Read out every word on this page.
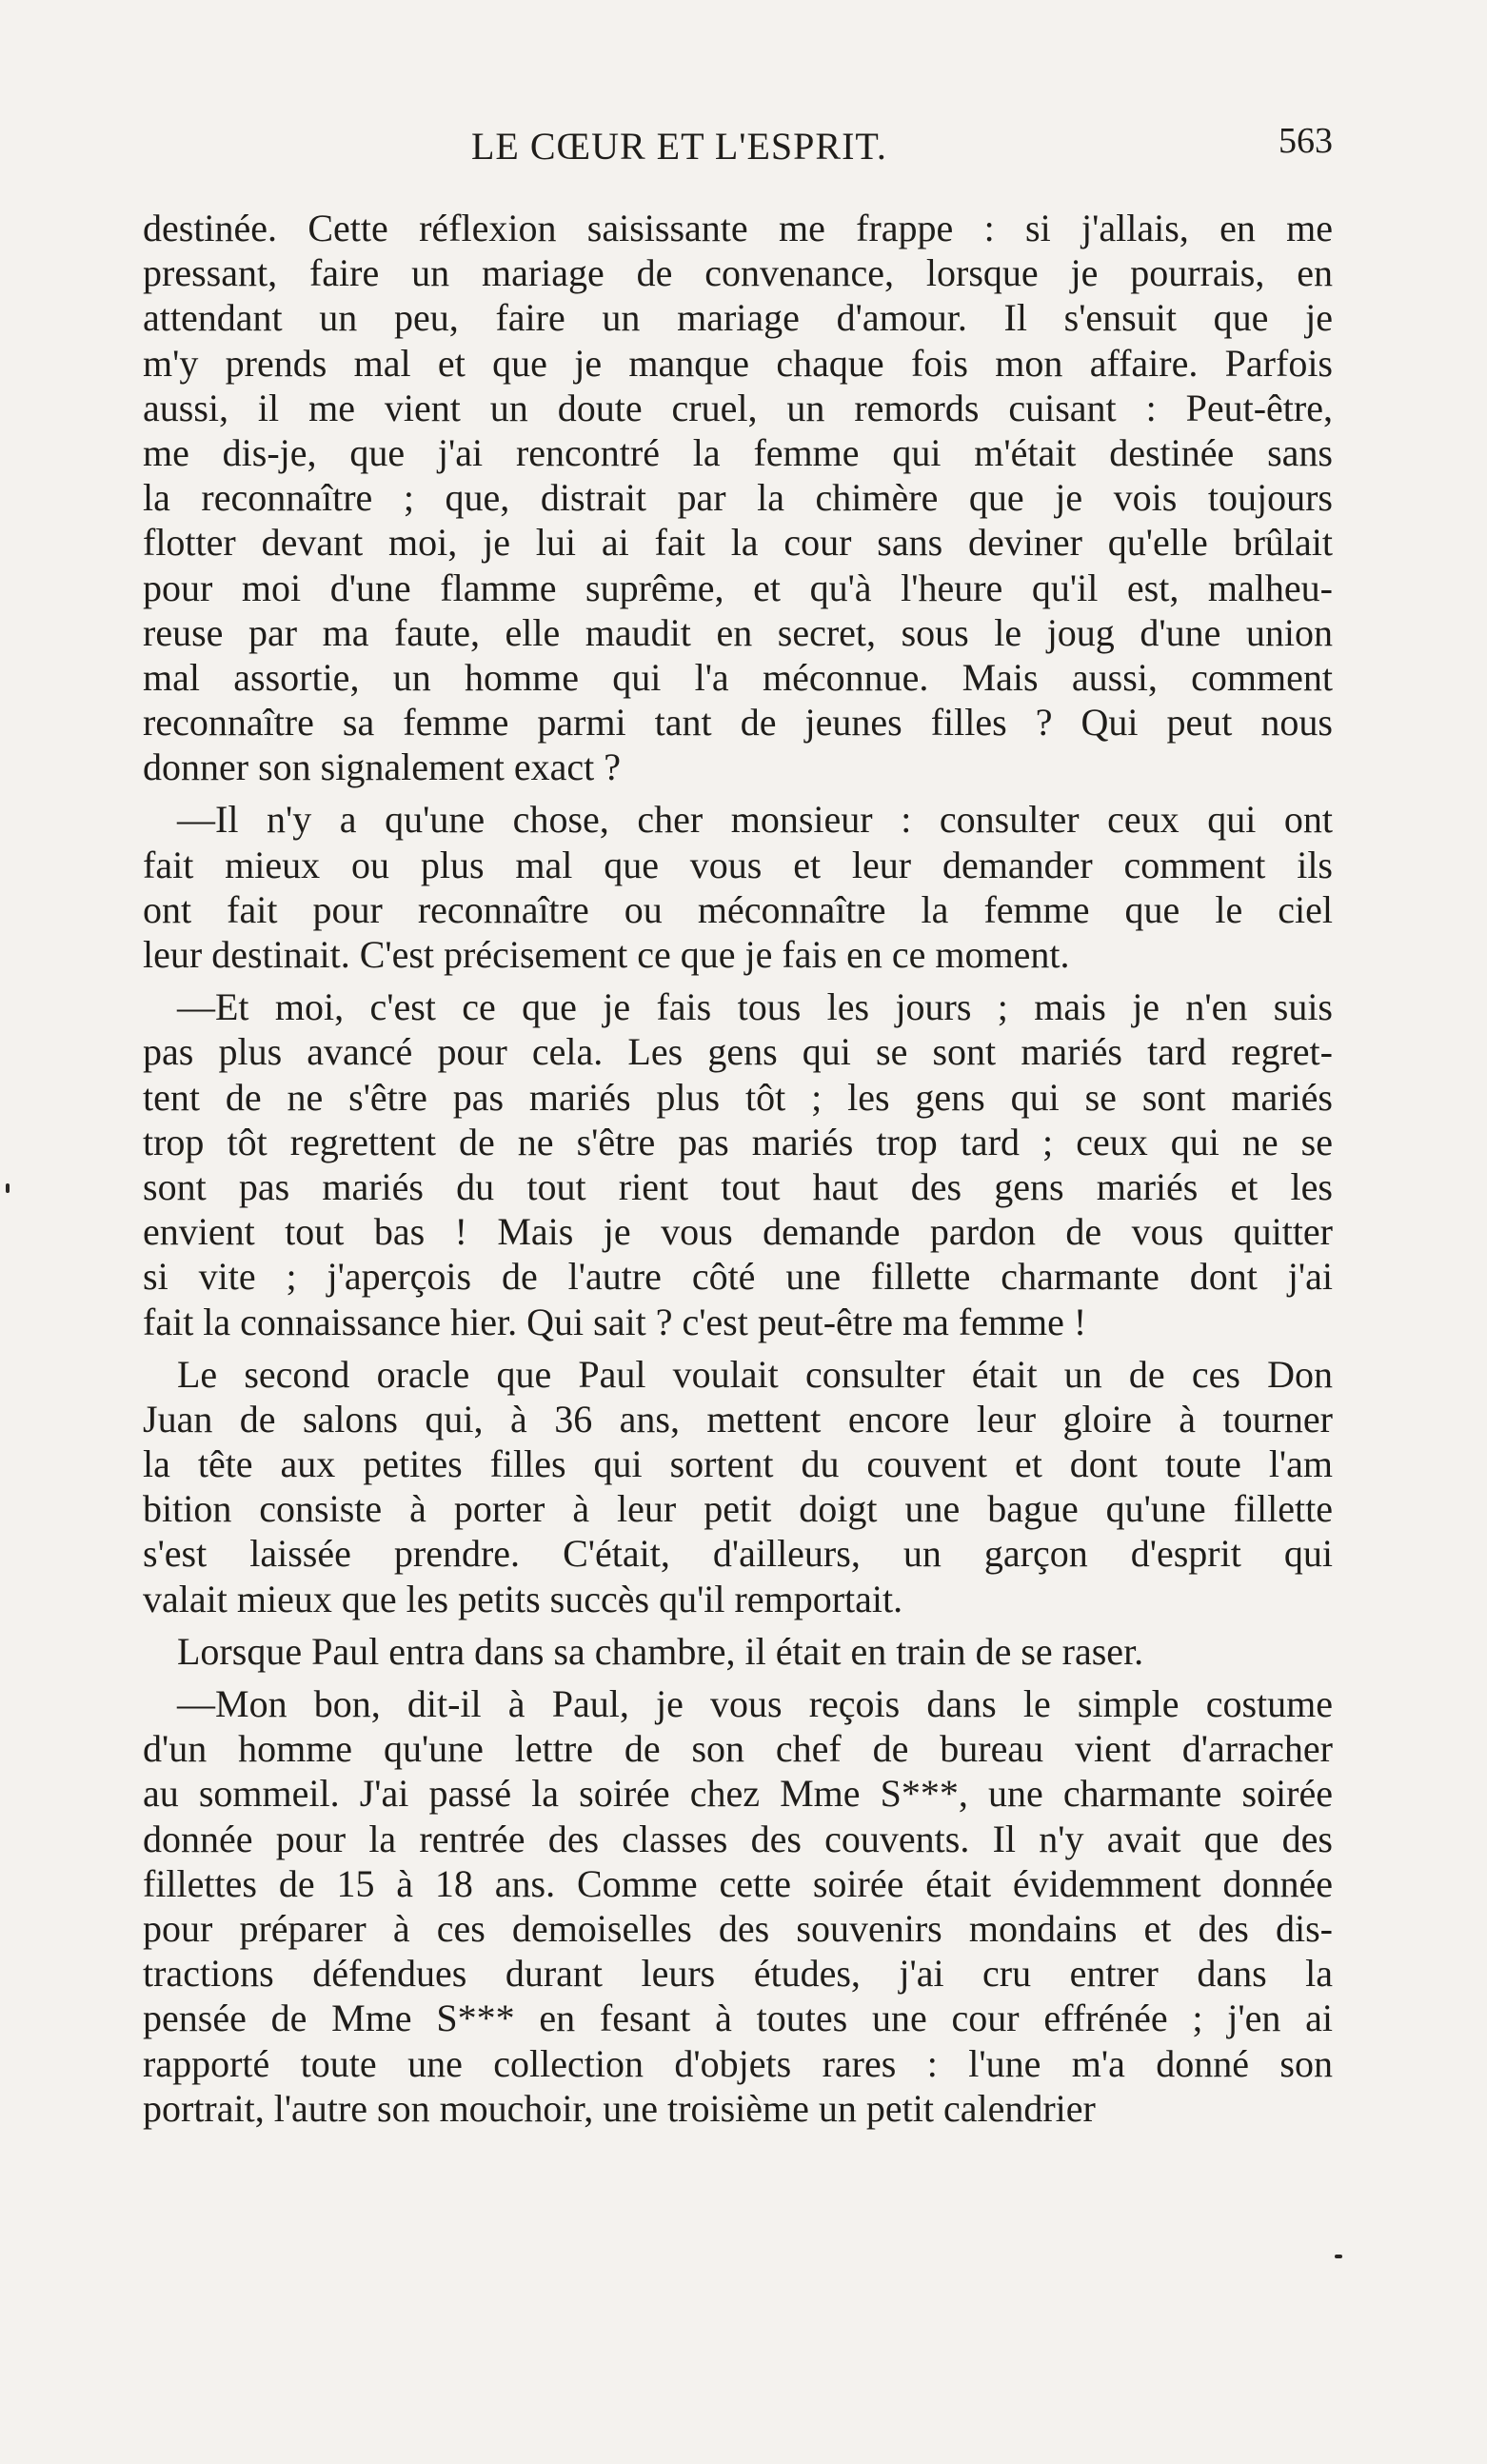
LE CŒUR ET L'ESPRIT.	563
destinée. Cette réflexion saisissante me frappe : si j'allais, en me
pressant, faire un mariage de convenance, lorsque je pourrais, en
attendant un peu, faire un mariage d'amour. Il s'ensuit que je
m'y prends mal et que je manque chaque fois mon affaire. Parfois
aussi, il me vient un doute cruel, un remords cuisant : Peut-être,
me dis-je, que j'ai rencontré la femme qui m'était destinée sans
la reconnaître ; que, distrait par la chimère que je vois toujours
flotter devant moi, je lui ai fait la cour sans deviner qu'elle brûlait
pour moi d'une flamme suprême, et qu'à l'heure qu'il est, malheu-
reuse par ma faute, elle maudit en secret, sous le joug d'une union
mal assortie, un homme qui l'a méconnue. Mais aussi, comment
reconnaître sa femme parmi tant de jeunes filles ? Qui peut nous
donner son signalement exact ?
—Il n'y a qu'une chose, cher monsieur : consulter ceux qui ont
fait mieux ou plus mal que vous et leur demander comment ils
ont fait pour reconnaître ou méconnaître la femme que le ciel
leur destinait. C'est précisement ce que je fais en ce moment.
—Et moi, c'est ce que je fais tous les jours ; mais je n'en suis
pas plus avancé pour cela. Les gens qui se sont mariés tard regret-
tent de ne s'être pas mariés plus tôt ; les gens qui se sont mariés
trop tôt regrettent de ne s'être pas mariés trop tard ; ceux qui ne se
sont pas mariés du tout rient tout haut des gens mariés et les
envient tout bas ! Mais je vous demande pardon de vous quitter
si vite ; j'aperçois de l'autre côté une fillette charmante dont j'ai
fait la connaissance hier. Qui sait ? c'est peut-être ma femme !
Le second oracle que Paul voulait consulter était un de ces Don
Juan de salons qui, à 36 ans, mettent encore leur gloire à tourner
la tête aux petites filles qui sortent du couvent et dont toute l'am
bition consiste à porter à leur petit doigt une bague qu'une fillette
s'est laissée prendre. C'était, d'ailleurs, un garçon d'esprit qui
valait mieux que les petits succès qu'il remportait.
Lorsque Paul entra dans sa chambre, il était en train de se raser.
—Mon bon, dit-il à Paul, je vous reçois dans le simple costume
d'un homme qu'une lettre de son chef de bureau vient d'arracher
au sommeil. J'ai passé la soirée chez Mme S***, une charmante soirée
donnée pour la rentrée des classes des couvents. Il n'y avait que des
fillettes de 15 à 18 ans. Comme cette soirée était évidemment donnée
pour préparer à ces demoiselles des souvenirs mondains et des dis-
tractions défendues durant leurs études, j'ai cru entrer dans la
pensée de Mme S*** en fesant à toutes une cour effrénée ; j'en ai
rapporté toute une collection d'objets rares : l'une m'a donné son
portrait, l'autre son mouchoir, une troisième un petit calendrier
